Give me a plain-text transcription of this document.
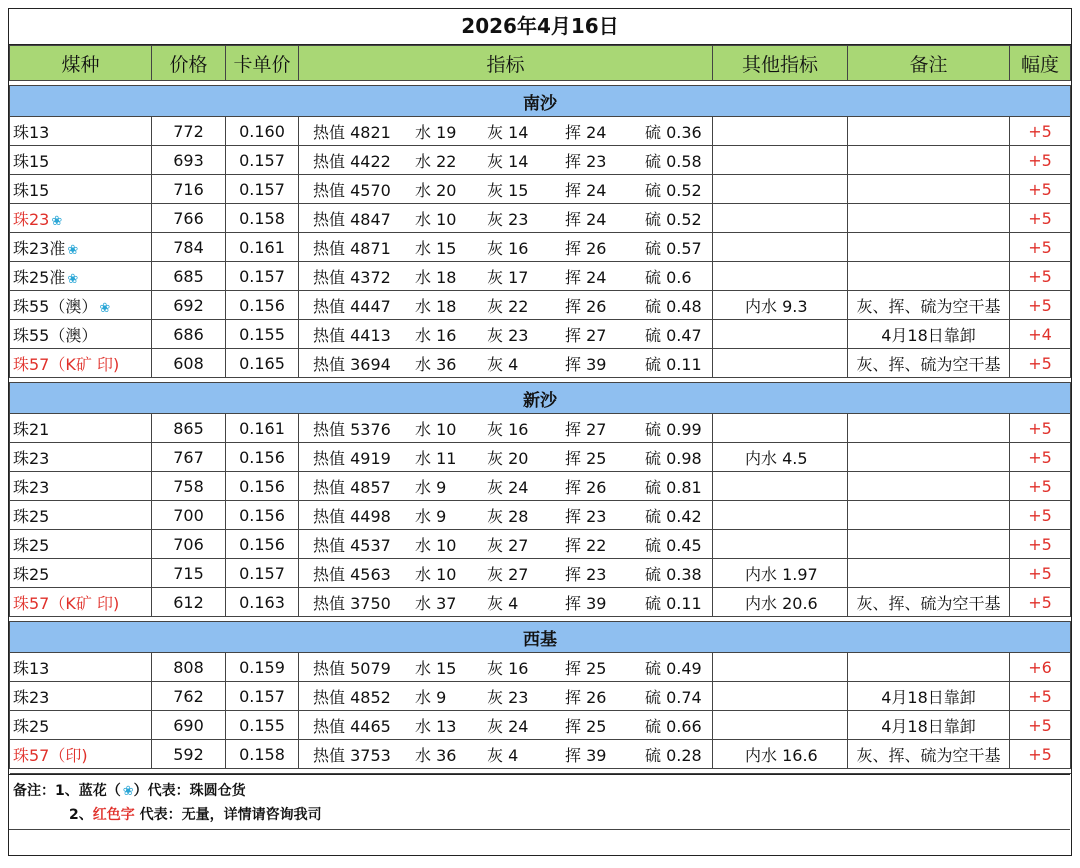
2026年4月16日
煤种	价格	卡单价	指标	其他指标	备注	幅度

南沙						
珠13	772	0.160	热值 4821 水 19 灰 14 挥 24 硫 0.36			+5
珠15	693	0.157	热值 4422 水 22 灰 14 挥 23 硫 0.58			+5
珠15	716	0.157	热值 4570 水 20 灰 15 挥 24 硫 0.52			+5
珠23 ❀	766	0.158	热值 4847 水 10 灰 23 挥 24 硫 0.52			+5
珠23准 ❀	784	0.161	热值 4871 水 15 灰 16 挥 26 硫 0.57			+5
珠25准 ❀	685	0.157	热值 4372 水 18 灰 17 挥 24 硫 0.6			+5
珠55（澳） ❀	692	0.156	热值 4447 水 18 灰 22 挥 26 硫 0.48	内水 9.3	灰、挥、硫为空干基	+5
珠55（澳）	686	0.155	热值 4413 水 16 灰 23 挥 27 硫 0.47		4月18日靠卸	+4
珠57（K矿 印)	608	0.165	热值 3694 水 36 灰 4 挥 39 硫 0.11		灰、挥、硫为空干基	+5

新沙						
珠21	865	0.161	热值 5376 水 10 灰 16 挥 27 硫 0.99			+5
珠23	767	0.156	热值 4919 水 11 灰 20 挥 25 硫 0.98	内水 4.5		+5
珠23	758	0.156	热值 4857 水 9 灰 24 挥 26 硫 0.81			+5
珠25	700	0.156	热值 4498 水 9 灰 28 挥 23 硫 0.42			+5
珠25	706	0.156	热值 4537 水 10 灰 27 挥 22 硫 0.45			+5
珠25	715	0.157	热值 4563 水 10 灰 27 挥 23 硫 0.38	内水 1.97		+5
珠57（K矿 印)	612	0.163	热值 3750 水 37 灰 4 挥 39 硫 0.11	内水 20.6	灰、挥、硫为空干基	+5

西基						
珠13	808	0.159	热值 5079 水 15 灰 16 挥 25 硫 0.49			+6
珠23	762	0.157	热值 4852 水 9 灰 23 挥 26 硫 0.74		4月18日靠卸	+5
珠25	690	0.155	热值 4465 水 13 灰 24 挥 25 硫 0.66		4月18日靠卸	+5
珠57（印)	592	0.158	热值 3753 水 36 灰 4 挥 39 硫 0.28	内水 16.6	灰、挥、硫为空干基	+5

备注：1、蓝花（ ❀）代表：珠圆仓货
2、红色字 代表：无量，详情请咨询我司
